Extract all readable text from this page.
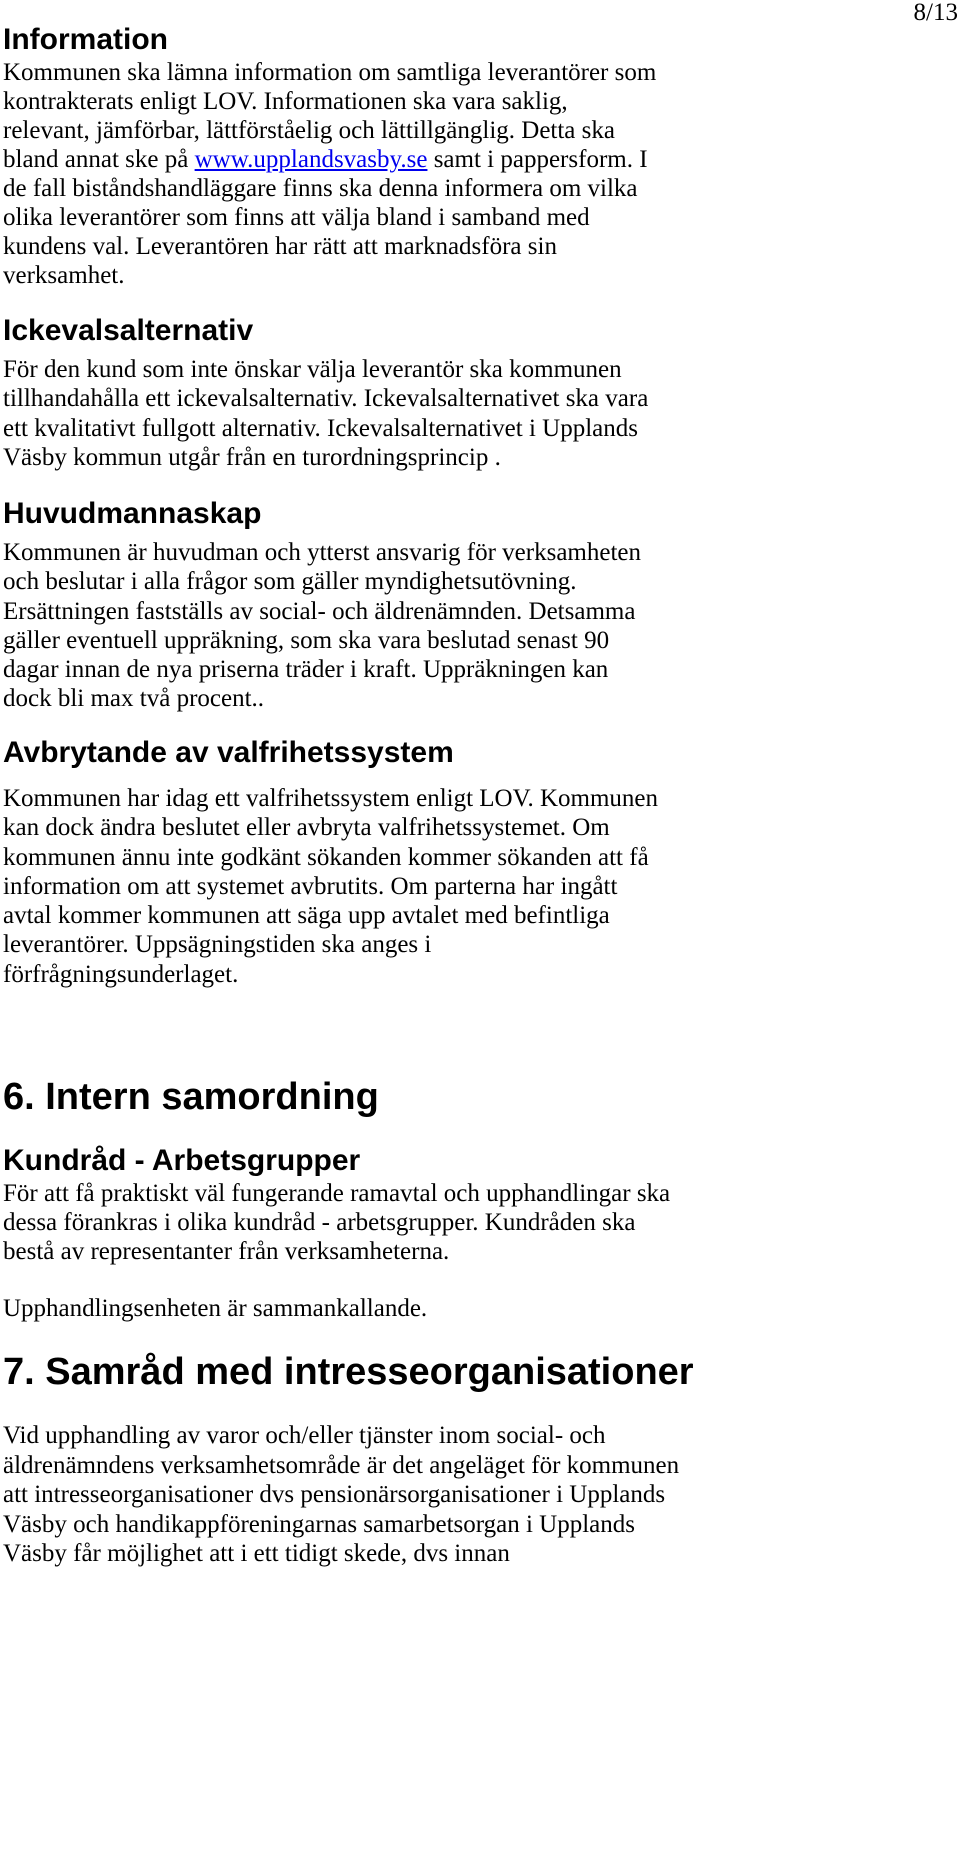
8/13
Information
Kommunen ska lämna information om samtliga leverantörer som
kontrakterats enligt LOV. Informationen ska vara saklig,
relevant, jämförbar, lättförståelig och lättillgänglig. Detta ska
bland annat ske på www.upplandsvasby.se samt i pappersform. I
de fall biståndshandläggare finns ska denna informera om vilka
olika leverantörer som finns att välja bland i samband med
kundens val. Leverantören har rätt att marknadsföra sin
verksamhet.
Ickevalsalternativ
För den kund som inte önskar välja leverantör ska kommunen
tillhandahålla ett ickevalsalternativ. Ickevalsalternativet ska vara
ett kvalitativt fullgott alternativ. Ickevalsalternativet i Upplands
Väsby kommun utgår från en turordningsprincip .
Huvudmannaskap
Kommunen är huvudman och ytterst ansvarig för verksamheten
och beslutar i alla frågor som gäller myndighetsutövning.
Ersättningen fastställs av social- och äldrenämnden. Detsamma
gäller eventuell uppräkning, som ska vara beslutad senast 90
dagar innan de nya priserna träder i kraft. Uppräkningen kan
dock bli max två procent..
Avbrytande av valfrihetssystem
Kommunen har idag ett valfrihetssystem enligt LOV. Kommunen
kan dock ändra beslutet eller avbryta valfrihetssystemet. Om
kommunen ännu inte godkänt sökanden kommer sökanden att få
information om att systemet avbrutits. Om parterna har ingått
avtal kommer kommunen att säga upp avtalet med befintliga
leverantörer. Uppsägningstiden ska anges i
förfrågningsunderlaget.
6. Intern samordning
Kundråd - Arbetsgrupper
För att få praktiskt väl fungerande ramavtal och upphandlingar ska
dessa förankras i olika kundråd - arbetsgrupper. Kundråden ska
bestå av representanter från verksamheterna.
Upphandlingsenheten är sammankallande.
7. Samråd med intresseorganisationer
Vid upphandling av varor och/eller tjänster inom social- och
äldrenämndens verksamhetsområde är det angeläget för kommunen
att intresseorganisationer dvs pensionärsorganisationer i Upplands
Väsby och handikappföreningarnas samarbetsorgan i Upplands
Väsby får möjlighet att i ett tidigt skede, dvs innan
